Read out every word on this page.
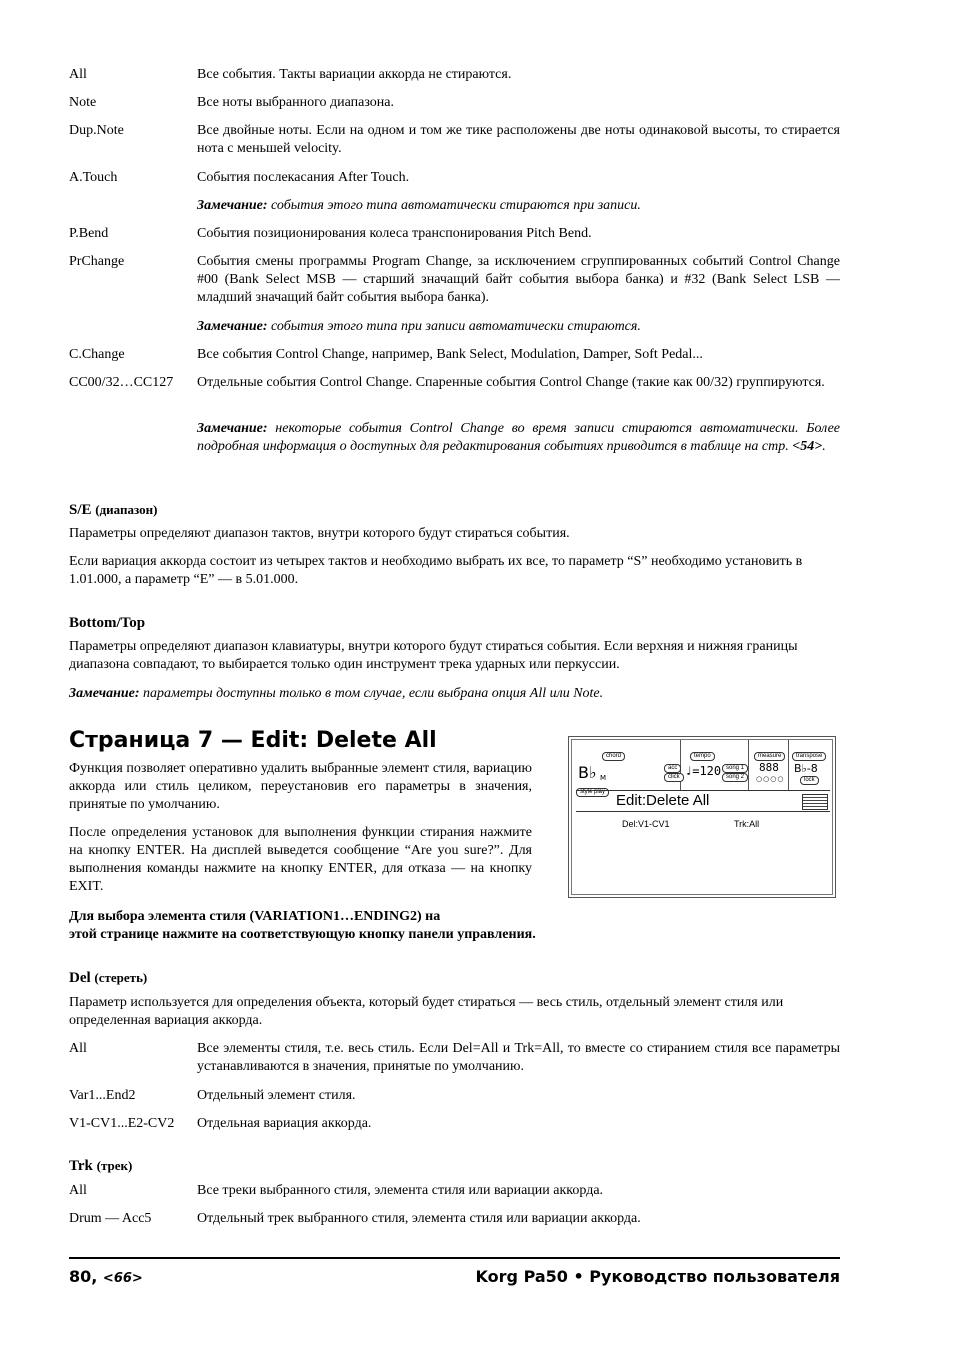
All	Все события. Такты вариации аккорда не стираются.
Note	Все ноты выбранного диапазона.
Dup.Note	Все двойные ноты. Если на одном и том же тике расположены две ноты одинаковой высоты, то стирается нота с меньшей velocity.
A.Touch	События послекасания After Touch.
Замечание: события этого типа автоматически стираются при записи.
P.Bend	События позиционирования колеса транспонирования Pitch Bend.
PrChange	События смены программы Program Change, за исключением сгруппированных событий Control Change #00 (Bank Select MSB — старший значащий байт события выбора банка) и #32 (Bank Select LSB — младший значащий байт события выбора банка).
Замечание: события этого типа при записи автоматически стираются.
C.Change	Все события Control Change, например, Bank Select, Modulation, Damper, Soft Pedal...
CC00/32…CC127 Отдельные события Control Change. Спаренные события Control Change (такие как 00/32) группируются.
Замечание: некоторые события Control Change во время записи стираются автоматически. Более подробная информация о доступных для редактирования событиях приводится в таблице на стр. <54>.
S/E (диапазон)
Параметры определяют диапазон тактов, внутри которого будут стираться события.
Если вариация аккорда состоит из четырех тактов и необходимо выбрать их все, то параметр “S” необходимо установить в 1.01.000, а параметр “E” — в 5.01.000.
Bottom/Top
Параметры определяют диапазон клавиатуры, внутри которого будут стираться события. Если верхняя и нижняя границы диапазона совпадают, то выбирается только один инструмент трека ударных или перкуссии.
Замечание: параметры доступны только в том случае, если выбрана опция All или Note.
Страница 7 — Edit: Delete All
Функция позволяет оперативно удалить выбранные элемент стиля, вариацию аккорда или стиль целиком, переустановив его параметры в значения, принятые по умолчанию.
После определения установок для выполнения функции стирания нажмите на кнопку ENTER. На дисплей выведется сообщение “Are you sure?”. Для выполнения команды нажмите на кнопку ENTER, для отказа — на кнопку EXIT.
Для выбора элемента стиля (VARIATION1…ENDING2) на
этой странице нажмите на соответствующую кнопку панели управления.
chord
B♭ M
tempo
acc
click ♩=120 song 1
song 2
measure
888
○○○○
transpose
B♭-8
lock
style play Edit:Delete All
Del:V1-CV1	Trk:All
Del (стереть)
Параметр используется для определения объекта, который будет стираться — весь стиль, отдельный элемент стиля или определенная вариация аккорда.
All	Все элементы стиля, т.е. весь стиль. Если Del=All и Trk=All, то вместе со стиранием стиля все параметры устанавливаются в значения, принятые по умолчанию.
Var1...End2	Отдельный элемент стиля.
V1-CV1...E2-CV2 Отдельная вариация аккорда.
Trk (трек)
All	Все треки выбранного стиля, элемента стиля или вариации аккорда.
Drum — Acc5	Отдельный трек выбранного стиля, элемента стиля или вариации аккорда.
80, <66>	Korg Pa50 • Руководство пользователя
